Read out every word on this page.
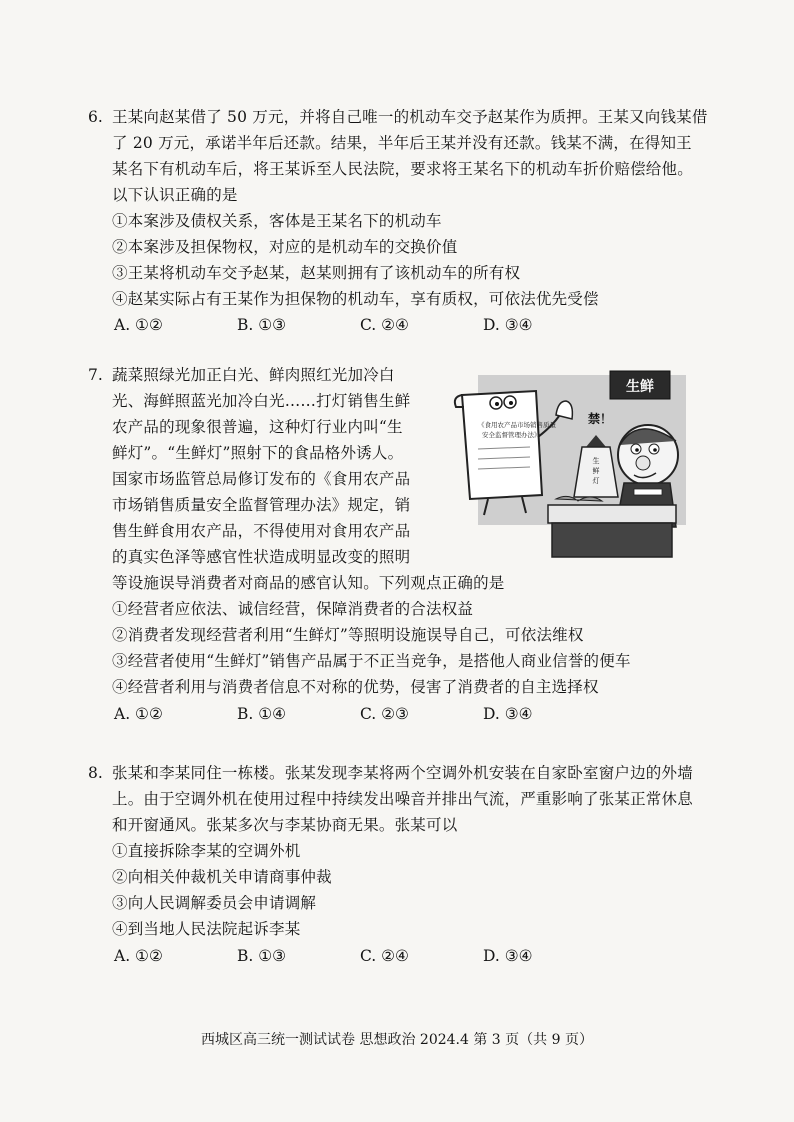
6. 王某向赵某借了 50 万元，并将自己唯一的机动车交予赵某作为质押。王某又向钱某借
了 20 万元，承诺半年后还款。结果，半年后王某并没有还款。钱某不满，在得知王
某名下有机动车后，将王某诉至人民法院，要求将王某名下的机动车折价赔偿给他。
以下认识正确的是
①本案涉及债权关系，客体是王某名下的机动车
②本案涉及担保物权，对应的是机动车的交换价值
③王某将机动车交予赵某，赵某则拥有了该机动车的所有权
④赵某实际占有王某作为担保物的机动车，享有质权，可依法优先受偿
A. ①②	B. ①③	C. ②④	D. ③④
7. 蔬菜照绿光加正白光、鲜肉照红光加冷白
光、海鲜照蓝光加冷白光……打灯销售生鲜
农产品的现象很普遍，这种灯行业内叫“生
鲜灯”。“生鲜灯”照射下的食品格外诱人。
国家市场监管总局修订发布的《食用农产品
市场销售质量安全监督管理办法》规定，销
售生鲜食用农产品，不得使用对食用农产品
的真实色泽等感官性状造成明显改变的照明
等设施误导消费者对商品的感官认知。下列观点正确的是
①经营者应依法、诚信经营，保障消费者的合法权益
②消费者发现经营者利用“生鲜灯”等照明设施误导自己，可依法维权
③经营者使用“生鲜灯”销售产品属于不正当竞争，是搭他人商业信誉的便车
④经营者利用与消费者信息不对称的优势，侵害了消费者的自主选择权
A. ①②	B. ①④	C. ②③	D. ③④
生鲜
《食用农产品市场销售质量
安全监督管理办法》
禁！
生
鲜
灯
8. 张某和李某同住一栋楼。张某发现李某将两个空调外机安装在自家卧室窗户边的外墙
上。由于空调外机在使用过程中持续发出噪音并排出气流，严重影响了张某正常休息
和开窗通风。张某多次与李某协商无果。张某可以
①直接拆除李某的空调外机
②向相关仲裁机关申请商事仲裁
③向人民调解委员会申请调解
④到当地人民法院起诉李某
A. ①②	B. ①③	C. ②④	D. ③④
西城区高三统一测试试卷 思想政治 2024.4 第 3 页（共 9 页）
